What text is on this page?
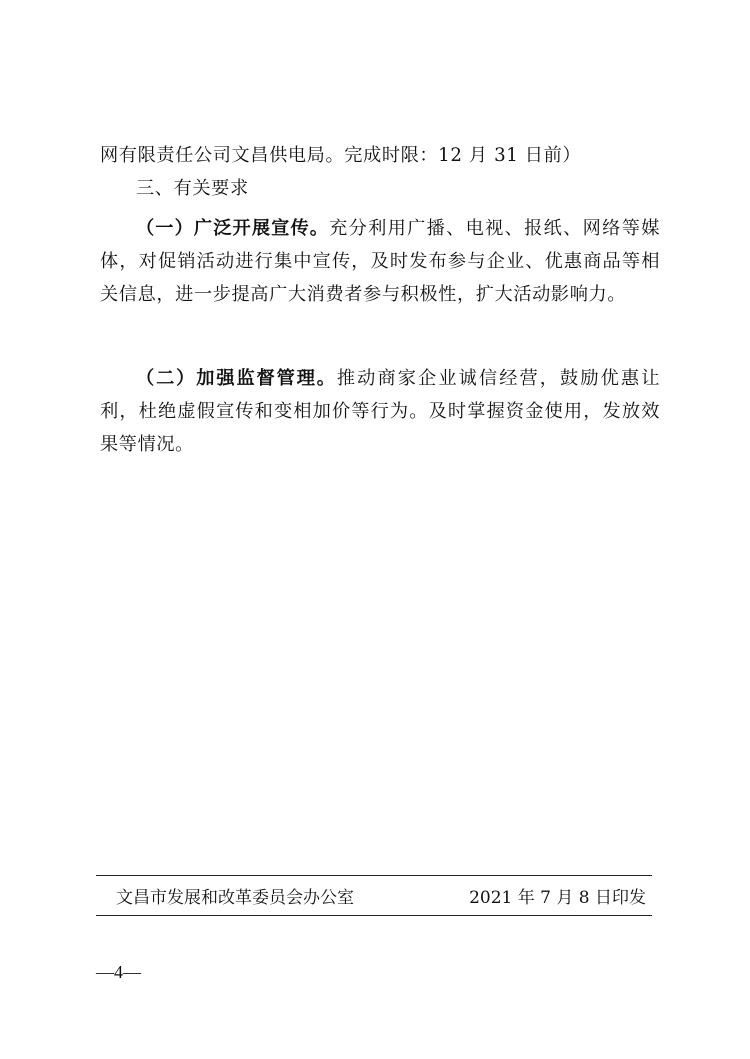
网有限责任公司文昌供电局。完成时限：12 月 31 日前）
三、有关要求
（一）广泛开展宣传。充分利用广播、电视、报纸、网络等媒体，对促销活动进行集中宣传，及时发布参与企业、优惠商品等相关信息，进一步提高广大消费者参与积极性，扩大活动影响力。
（二）加强监督管理。推动商家企业诚信经营，鼓励优惠让利，杜绝虚假宣传和变相加价等行为。及时掌握资金使用，发放效果等情况。
文昌市发展和改革委员会办公室	2021 年 7 月 8 日印发
—4—
